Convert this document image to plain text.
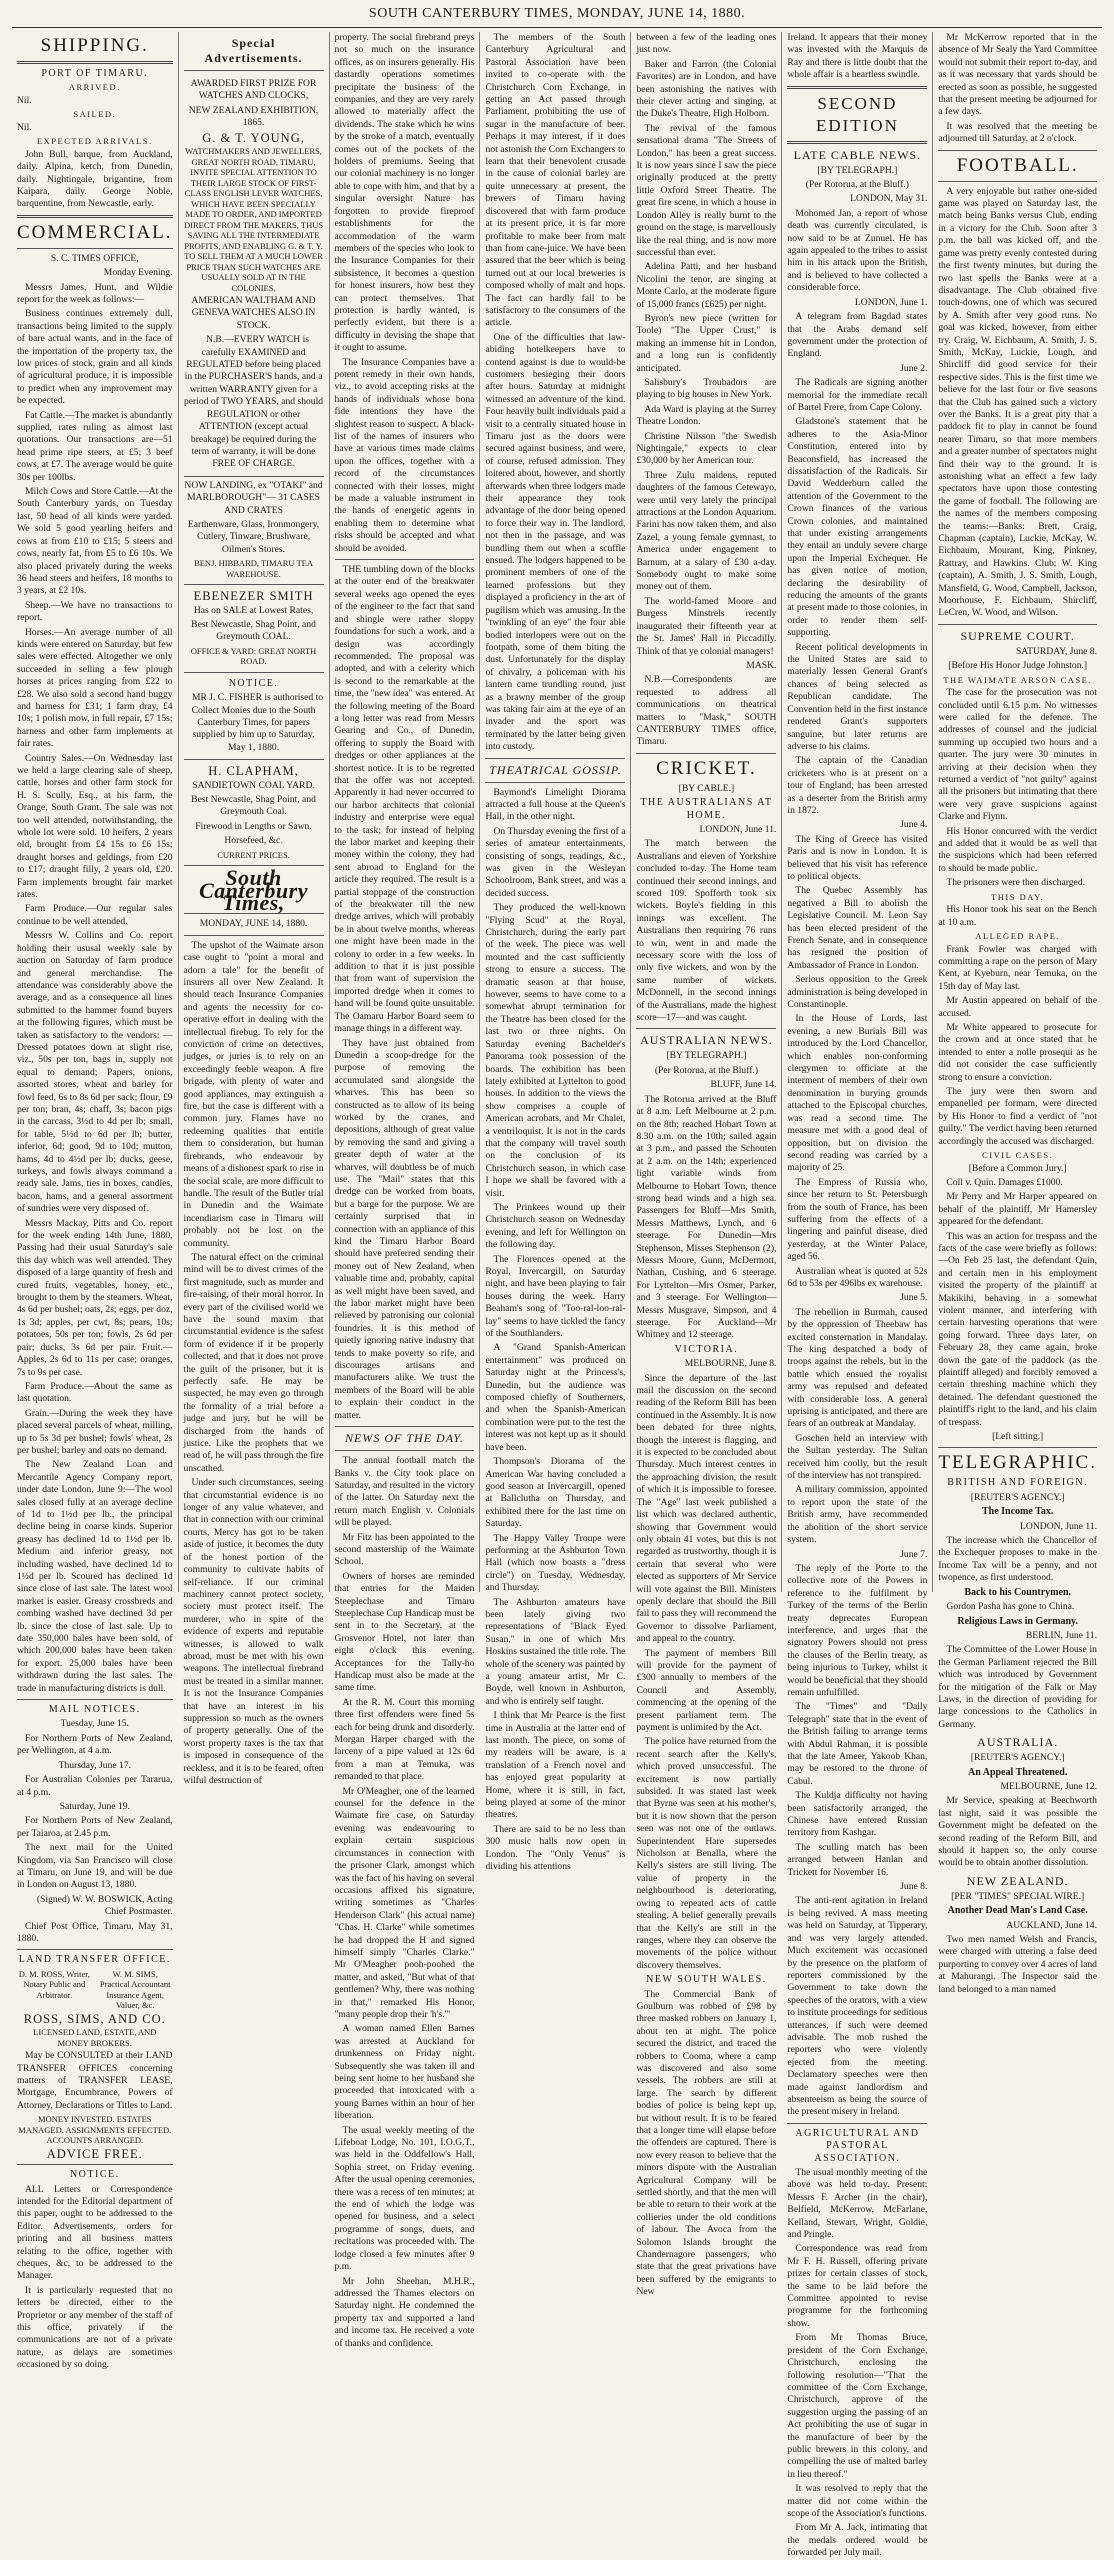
SOUTH CANTERBURY TIMES, MONDAY, JUNE 14, 1880.
SHIPPING.
PORT OF TIMARU.
ARRIVED.

Nil.

SAILED.

Nil.

EXPECTED ARRIVALS.

John Bull, barque, from Auckland, daily. Alpina, ketch, from Dunedin, daily. Nightingale, brigantine, from Kaipara, daily. George Noble, barquentine, from Newcastle, early.

COMMERCIAL.

S. C. TIMES OFFICE,

Monday Evening.

Messrs James, Hunt, and Wildie report for the week as follows:—

Business continues extremely dull, transactions being limited to the supply of bare actual wants, and in the face of the importation of the property tax, the low prices of stock, grain and all kinds of agricultural produce, it is impossible to predict when any improvement may be expected.

Fat Cattle.—The market is abundantly supplied, rates ruling as almost last quotations. Our transactions are—51 head prime ripe steers, at £5; 3 beef cows, at £7. The average would be quite 30s per 100lbs.

Milch Cows and Store Cattle.—At the South Canterbury yards, on Tuesday last, 50 head of all kinds were yarded. We sold 5 good yearling heifers and cows at from £10 to £15; 5 steers and cows, nearly fat, from £5 to £6 10s. We also placed privately during the weeks 36 head steers and heifers, 18 months to 3 years, at £2 10s.

Sheep.—We have no transactions to report.

Horses.—An average number of all kinds were entered on Saturday, but few sales were effected. Altogether we only succeeded in selling a few plough horses at prices ranging from £22 to £28. We also sold a second hand buggy and harness for £31; 1 farm dray, £4 10s; 1 polish mow, in full repair, £7 15s; harness and other farm implements at fair rates.

Country Sales.—On Wednesday last we held a large clearing sale of sheep, cattle, horses and other farm stock for H. S. Scully, Esq., at his farm, the Orange, South Grant. The sale was not too well attended, notwithstanding, the whole lot were sold. 10 heifers, 2 years old, brought from £4 15s to £6 15s; draught horses and geldings, from £20 to £17; draught filly, 2 years old, £20. Farm implements brought fair market rates.

Farm Produce.—Our regular sales continue to be well attended.

Messrs W. Collins and Co. report holding their ususal weekly sale by auction on Saturday of farm produce and general merchandise. The attendance was considerably above the average, and as a consequence all lines submitted to the hammer found buyers at the following figures, which must be taken as satisfactory to the vendors: —Dressed potatoes down at slight rise, viz., 50s per ton, bags in, supply not equal to demand; Papers, onions, assorted stores, wheat and barley for fowl feed, 6s to 8s 6d per sack; flour, £9 per ton; bran, 4s; chaff, 3s; bacon pigs in the carcass, 3½d to 4d per lb; small, for table, 5½d to 6d per lb; butter, inferior, 6d; good, 9d to 10d; mutton, hams, 4d to 4½d per lb; ducks, geese, turkeys, and fowls always command a ready sale. Jams, ties in boxes, candles, bacon, hams, and a general assortment of sundries were very disposed of.

Messrs Mackay, Pitts and Co. report for the week ending 14th June, 1880, Passing had their usual Saturday's sale this day which was well attended. They disposed of a large quantity of fresh and cured fruits, vegetables, honey, etc., brought to them by the steamers. Wheat, 4s 6d per bushel; oats, 2s; eggs, per doz, 1s 3d; apples, per cwt, 8s; pears, 10s; potatoes, 50s per ton; fowls, 2s 6d per pair; ducks, 3s 6d per pair. Fruit.—Apples, 2s 6d to 11s per case; oranges, 7s to 9s per case.

Farm Produce.—About the same as last quotation.

Grain.—During the week they have placed several parcels of wheat, milling, up to 5s 3d per bushel; fowls' wheat, 2s per bushel; barley and oats no demand.

The New Zealand Loan and Mercantile Agency Company report, under date London, June 9:—The wool sales closed fully at an average decline of 1d to 1½d per lb., the principal decline being in coarse kinds. Superior greasy has declined 1d to 1½d per lb. Medium and inferior greasy, not including washed, have declined 1d to 1½d per lb. Scoured has declined 1d since close of last sale. The latest wool market is easier. Greasy crossbreds and combing washed have declined 3d per lb. since the close of last sale. Up to date 350,000 bales have been sold, of which 200,000 bales have been taken for export. 25,000 bales have been withdrawn during the last sales. The trade in manufacturing districts is dull.

MAIL NOTICES.

Tuesday, June 15.

For Northern Ports of New Zealand, per Wellington, at 4 a.m.

Thursday, June 17.

For Australian Colonies per Tararua, at 4 p.m.

Saturday, June 19.

For Northern Ports of New Zealand, per Taiaroa, at 2.45 p.m.

The next mail for the United Kingdom, via San Francisco will close at Timaru, on June 19, and will be due in London on August 13, 1880.

(Signed) W. W. BOSWICK, Acting Chief Postmaster.

Chief Post Office, Timaru, May 31, 1880.

LAND TRANSFER OFFICE.
D. M. ROSS, Writer, Notary Public and Arbitrator.
W. M. SIMS, Practical Accountant Insurance Agent, Valuer, &c.
ROSS, SIMS, AND CO.

LICENSED LAND, ESTATE, AND MONEY BROKERS.

May be CONSULTED at their LAND TRANSFER OFFICES concerning matters of TRANSFER LEASE, Mortgage, Encumbrance, Powers of Attorney, Declarations or Titles to Land.

MONEY INVESTED. ESTATES MANAGED. ASSIGNMENTS EFFECTED. ACCOUNTS ARRANGED.

ADVICE FREE.
NOTICE.

ALL Letters or Correspondence intended for the Editorial department of this paper, ought to be addressed to the Editor. Advertisements, orders for printing and all business matters relating to the office, together with cheques, &c, to be addressed to the Manager.

It is particularly requested that no letters be directed, either to the Proprietor or any member of the staff of this office, privately if the communications are not of a private nature, as delays are sometimes occasioned by so doing.

Special Advertisements.

AWARDED FIRST PRIZE FOR WATCHES AND CLOCKS,

NEW ZEALAND EXHIBITION, 1865.

G. & T. YOUNG,

WATCHMAKERS AND JEWELLERS, GREAT NORTH ROAD, TIMARU, INVITE SPECIAL ATTENTION TO THEIR LARGE STOCK OF FIRST-CLASS ENGLISH LEVER WATCHES, WHICH HAVE BEEN SPECIALLY MADE TO ORDER, AND IMPORTED DIRECT FROM THE MAKERS, THUS SAVING ALL THE INTERMEDIATE PROFITS, AND ENABLING G. & T. Y. TO SELL THEM AT A MUCH LOWER PRICE THAN SUCH WATCHES ARE USUALLY SOLD AT IN THE COLONIES.

AMERICAN WALTHAM AND GENEVA WATCHES ALSO IN STOCK.

N.B.—EVERY WATCH is carefully EXAMINED and REGULATED before being placed in the PURCHASER'S hands, and a written WARRANTY given for a period of TWO YEARS, and should REGULATION or other ATTENTION (except actual breakage) be required during the term of warranty, it will be done FREE OF CHARGE.

NOW LANDING, ex "OTAKI" and MARLBOROUGH"— 31 CASES AND CRATES

Earthenware, Glass, Ironmongery, Cutlery, Tinware, Brushware, Oilmen's Stores.

BENJ. HIBBARD, TIMARU TEA WAREHOUSE.

EBENEZER SMITH

Has on SALE at Lowest Rates,

Best Newcastle, Shag Point, and Greymouth COAL.

OFFICE & YARD: GREAT NORTH ROAD.

NOTICE.

MR J. C. FISHER is authorised to Collect Monies due to the South Canterbury Times, for papers supplied by him up to Saturday, May 1, 1880.

H. CLAPHAM,

SANDIETOWN COAL YARD.

Best Newcastle, Shag Point, and Greymouth Coal.

Firewood in Lengths or Sawn.

Horsefeed, &c.

CURRENT PRICES.

South Canterbury Times,

MONDAY, JUNE 14, 1880.

The upshot of the Waimate arson case ought to "point a moral and adorn a tale" for the benefit of insurers all over New Zealand. It should teach Insurance Companies and agents the necessity for co-operative effort in dealing with the intellectual firebug. To rely for the conviction of crime on detectives, judges, or juries is to rely on an exceedingly feeble weapon. A fire brigade, with plenty of water and good appliances, may extinguish a fire, but the case is different with a common jury. Flames have no redeeming qualities that entitle them to consideration, but human firebrands, who endeavour by means of a dishonest spark to rise in the social scale, are more difficult to handle. The result of the Butler trial in Dunedin and the Waimate incendiarism case in Timaru will probably not be lost on the community.

The natural effect on the criminal mind will be to divest crimes of the first magnitude, such as murder and fire-raising, of their moral horror. In every part of the civilised world we have the sound maxim that circumstantial evidence is the safest form of evidence if it be properly collected, and that it does not prove the guilt of the prisoner, but it is perfectly safe. He may be suspected, he may even go through the formality of a trial before a judge and jury, but he will be discharged from the hands of justice. Like the prophets that we read of, he will pass through the fire unscathed.

Under such circumstances, seeing that circumstantial evidence is no longer of any value whatever, and that in connection with our criminal courts, Mercy has got to be taken aside of justice, it becomes the duty of the honest portion of the community to cultivate habits of self-reliance. If our criminal machinery cannot protect society, society must protect itself. The murderer, who in spite of the evidence of experts and reputable witnesses, is allowed to walk abroad, must be met with his own weapons. The intellectual firebrand must be treated in a similar manner. It is not the Insurance Companies that have an interest in his suppression so much as the owners of property generally. One of the worst property taxes is the tax that is imposed in consequence of the reckless, and it is to be feared, often wilful destruction of

property. The social firebrand preys not so much on the insurance offices, as on insurers generally. His dastardly operations sometimes precipitate the business of the companies, and they are very rarely allowed to materially affect the dividends. The stake which he wins by the stroke of a match, eventually comes out of the pockets of the holders of premiums. Seeing that our colonial machinery is no longer able to cope with him, and that by a singular oversight Nature has forgotten to provide fireproof establishments for the accommodation of the warm members of the species who look to the Insurance Companies for their subsistence, it becomes a question for honest insurers, how best they can protect themselves. That protection is hardly wanted, is perfectly evident, but there is a difficulty in devising the shape that it ought to assume.

The Insurance Companies have a potent remedy in their own hands, viz., to avoid accepting risks at the hands of individuals whose bona fide intentions they have the slightest reason to suspect. A black-list of the names of insurers who have at various times made claims upon the offices, together with a record of the circumstances connected with their losses, might be made a valuable instrument in the hands of energetic agents in enabling them to determine what risks should be accepted and what should be avoided.

THE tumbling down of the blocks at the outer end of the breakwater several weeks ago opened the eyes of the engineer to the fact that sand and shingle were rather sloppy foundations for such a work, and a design was accordingly recommended. The proposal was adopted, and with a celerity which is second to the remarkable at the time, the "new idea" was entered. At the following meeting of the Board a long letter was read from Messrs Gearing and Co., of Dunedin, offering to supply the Board with dredges or other appliances at the shortest notice. It is to be regretted that the offer was not accepted. Apparently it had never occurred to our harbor architects that colonial industry and enterprise were equal to the task; for instead of helping the labor market and keeping their money within the colony, they had sent abroad to England for the article they required. The result is a partial stoppage of the construction of the breakwater till the new dredge arrives, which will probably be in about twelve months, whereas one might have been made in the colony to order in a few weeks. In addition to that it is just possible that from want of supervision the imported dredge when it comes to hand will be found quite unsuitable. The Oamaru Harbor Board seem to manage things in a different way.

They have just obtained from Dunedin a scoop-dredge for the purpose of removing the accumulated sand alongside the wharves. This has been so constructed as to allow of its being worked by the cranes, and depositions, although of great value by removing the sand and giving a greater depth of water at the wharves, will doubtless be of much use. The "Mail" states that this dredge can be worked from boats, but a barge for the purpose. We are certainly surprised that in connection with an appliance of this kind the Timaru Harbor Board should have preferred sending their money out of New Zealand, when valuable time and, probably, capital as well might have been saved, and the labor market might have been relieved by patronising our colonial foundries. It is this method of quietly ignoring native industry that tends to make poverty so rife, and discourages artisans and manufacturers alike. We trust the members of the Board will be able to explain their conduct in the matter.

NEWS OF THE DAY.

The annual football match the Banks v. the City took place on Saturday, and resulted in the victory of the latter. On Saturday next the return match English v. Colonials will be played.

Mr Fitz has been appointed to the second mastership of the Waimate School.

Owners of horses are reminded that entries for the Maiden Steeplechase and Timaru Steeplechase Cup Handicap must be sent in to the Secretary, at the Grosvenor Hotel, not later than eight o'clock this evening. Acceptances for the Tally-ho Handicap must also be made at the same time.

At the R. M. Court this morning three first offenders were fined 5s each for being drunk and disorderly. Morgan Harper charged with the larceny of a pipe valued at 12s 6d from a man at Temuka, was remanded to that place.

Mr O'Meagher, one of the learned counsel for the defence in the Waimate fire case, on Saturday evening was endeavouring to explain certain suspicious circumstances in connection with the prisoner Clark, amongst which was the fact of his having on several occasions affixed his signature, writing sometimes as "Charles Henderson Clark" (his actual name) "Chas. H. Clarke" while sometimes he had dropped the H and signed himself simply "Charles Clarke." Mr O'Meagher pooh-poohed the matter, and asked, "But what of that gentlemen? Why, there was nothing in that," remarked His Honor, "many people drop their 'h's.'"

A woman named Ellen Barnes was arrested at Auckland for drunkenness on Friday night. Subsequently she was taken ill and being sent home to her husband she proceeded that intoxicated with a young Barnes within an hour of her liberation.

The usual weekly meeting of the Lifeboat Lodge, No. 101, I.O.G.T., was held in the Oddfellow's Hall, Sophia street, on Friday evening. After the usual opening ceremonies, there was a recess of ten minutes; at the end of which the lodge was opened for business, and a select programme of songs, duets, and recitations was proceeded with. The lodge closed a few minutes after 9 p.m.

Mr John Sheehan, M.H.R., addressed the Thames electors on Saturday night. He condemned the property tax and supported a land and income tax. He received a vote of thanks and confidence.

The members of the South Canterbury Agricultural and Pastoral Association have been invited to co-operate with the Christchurch Corn Exchange, in getting an Act passed through Parliament, prohibiting the use of sugar in the manufacture of beer. Perhaps it may interest, if it does not astonish the Corn Exchangers to learn that their benevolent crusade in the cause of colonial barley are quite unnecessary at present, the brewers of Timaru having discovered that with farm produce at its present price, it is far more profitable to make beer from malt than from cane-juice. We have been assured that the beer which is being turned out at our local breweries is composed wholly of malt and hops. The fact can hardly fail to be satisfactory to the consumers of the article.

One of the difficulties that law-abiding hotelkeepers have to contend against is due to would-be customers besieging their doors after hours. Saturday at midnight witnessed an adventure of the kind. Four heavily built individuals paid a visit to a centrally situated house in Timaru just as the doors were secured against business, and were, of course, refused admission. They loitered about, however, and shortly afterwards when three lodgers made their appearance they took advantage of the door being opened to force their way in. The landlord, not then in the passage, and was bundling them out when a scuffle ensued. The lodgers happened to be prominent members of one of the learned professions but they displayed a proficiency in the art of pugilism which was amusing. In the "twinkling of an eye" the four able bodied interlopers were out on the footpath, some of them biting the dust. Unfortunately for the display of chivalry, a policeman with his lantern came trundling round, just as a brawny member of the group was taking fair aim at the eye of an invader and the sport was terminated by the latter being given into custody.

THEATRICAL GOSSIP.

Baymond's Limelight Diorama attracted a full house at the Queen's Hall, in the other night.

On Thursday evening the first of a series of amateur entertainments, consisting of songs, readings, &c., was given in the Wesleyan Schoolroom, Bank street, and was a decided success.

They produced the well-known "Flying Scud" at the Royal, Christchurch, during the early part of the week. The piece was well mounted and the cast sufficiently strong to ensure a success. The dramatic season at that house, however, seems to have come to a somewhat abrupt termination for the Theatre has been closed for the last two or three nights. On Saturday evening Bachelder's Panorama took possession of the boards. The exhibition has been lately exhibited at Lyttelton to good houses. In addition to the views the show comprises a couple of American acrobats, and Mr Chalet, a ventriloquist. It is not in the cards that the company will travel south on the conclusion of its Christchurch season, in which case I hope we shall be favored with a visit.

The Prinkees wound up their Christchurch season on Wednesday evening, and left for Wellington on the following day.

The Florences opened at the Royal, Invercargill, on Saturday night, and have been playing to fair houses during the week. Harry Beaham's song of "Too-ral-loo-ral-lay" seems to have tickled the fancy of the Southlanders.

A "Grand Spanish-American entertainment" was produced on Saturday night at the Princess's, Dunedin, but the audience was composed chiefly of Southerners, and when the Spanish-American combination were put to the test the interest was not kept up as it should have been.

Thompson's Diorama of the American War having concluded a good season at Invercargill, opened at Ballclutha on Thursday, and exhibited there for the last time on Saturday.

The Happy Valley Troupe were performing at the Ashburton Town Hall (which now boasts a "dress circle") on Tuesday, Wednesday, and Thursday.

The Ashburton amateurs have been lately giving two representations of "Black Eyed Susan," in one of which Mrs Hoskins sustained the title role. The whole of the scenery was painted by a young amateur artist, Mr C. Boyde, well known in Ashburton, and who is entirely self taught.

I think that Mr Pearce is the first time in Australia at the latter end of last month. The piece, on some of my readers will be aware, is a translation of a French novel and has enjoyed great popularity at Home, where it is still, in fact, being played at some of the minor theatres.

There are said to be no less than 300 music halls now open in London. The "Only Venus" is dividing his attentions

between a few of the leading ones just now.

Baker and Farron (the Colonial Favorites) are in London, and have been astonishing the natives with their clever acting and singing, at the Duke's Theatre, High Holborn.

The revival of the famous sensational drama "The Streets of London," has been a great success. It is now years since I saw the piece originally produced at the pretty little Oxford Street Theatre. The great fire scene, in which a house in London Alley is really burnt to the ground on the stage, is marvellously like the real thing, and is now more successful than ever.

Adelina Patti, and her husband Nicolini the tenor, are singing at Monte Carlo, at the moderate figure of 15,000 francs (£625) per night.

Byron's new piece (written for Toole) "The Upper Crust," is making an immense hit in London, and a long run is confidently anticipated.

Salisbury's Troubadors are playing to big houses in New York.

Ada Ward is playing at the Surrey Theatre London.

Christine Nilsson "the Swedish Nightingale," expects to clear £30,000 by her American tour.

Three Zulu maidens, reputed daughters of the famous Cetewayo, were until very lately the principal attractions at the London Aquarium. Farini has now taken them, and also Zazel, a young female gymnast, to America under engagement to Barnum, at a salary of £30 a-day. Somebody ought to make some money out of them.

The world-famed Moore and Burgess Minstrels recently inaugurated their fifteenth year at the St. James' Hall in Piccadilly. Think of that ye colonial managers!

MASK.

N.B.—Correspondents are requested to address all communications on theatrical matters to "Mask," SOUTH CANTERBURY TIMES office, Timaru.

CRICKET.

[BY CABLE.]

THE AUSTRALIANS AT HOME.

LONDON, June 11.

The match between the Australians and eleven of Yorkshire concluded to-day. The Home team continued their second innings, and scored 109. Spofforth took six wickets. Boyle's fielding in this innings was excellent. The Australians then requiring 76 runs to win, went in and made the necessary score with the loss of only five wickets, and won by the same number of wickets. McDonnell, in the second innings of the Australians, made the highest score—17—and was caught.

AUSTRALIAN NEWS.

[BY TELEGRAPH.]

(Per Rotorua, at the Bluff.)

BLUFF, June 14.

The Rotorua arrived at the Bluff at 8 a.m. Left Melbourne at 2 p.m. on the 8th; reached Hobart Town at 8.30 a.m. on the 10th; sailed again at 3 p.m., and passed the Schouten at 2 a.m. on the 14th; experienced light variable winds from Melbourne to Hobart Town, thence strong head winds and a high sea. Passengers for Bluff—Mrs Smith, Messrs Matthews, Lynch, and 6 steerage. For Dunedin—Mrs Stephenson, Misses Stephenson (2), Messrs Moore, Gunn, McDermott, Nathan, Cushing, and 6 steerage. For Lyttelton—Mrs Osmer, Parker, and 3 steerage. For Wellington—Messrs Musgrave, Simpson, and 4 steerage. For Auckland—Mr Whitney and 12 steerage.

VICTORIA.

MELBOURNE, June 8.

Since the departure of the last mail the discussion on the second reading of the Reform Bill has been continued in the Assembly. It is now been debated for three nights, though the interest is flagging, and it is expected to be concluded about Thursday. Much interest centres in the approaching division, the result of which it is impossible to foresee. The "Age" last week published a list which was declared authentic, showing that Government would only obtain 41 votes, but this is not regarded as trustworthy, though it is certain that several who were elected as supporters of Mr Service will vote against the Bill. Ministers openly declare that should the Bill fail to pass they will recommend the Governor to dissolve Parliament, and appeal to the country.

The payment of members Bill will provide for the payment of £300 annually to members of the Council and Assembly, commencing at the opening of the present parliament term. The payment is unlimited by the Act.

The police have returned from the recent search after the Kelly's, which proved unsuccessful. The excitement is now partially subsided. It was stated last week that Byrne was seen at his mother's, but it is now shown that the person seen was not one of the outlaws. Superintendent Hare supersedes Nicholson at Benalla, where the Kelly's sisters are still living. The value of property in the neighbourhood is deteriorating, owing to repeated acts of cattle stealing. A belief generally prevails that the Kelly's are still in the ranges, where they can observe the movements of the police without discovery themselves.

NEW SOUTH WALES.

The Commercial Bank of Goulburn was robbed of £98 by three masked robbers on January 1, about ten at night. The police secured the district, and traced the robbers to Cooma, where a camp was discovered and also some vessels. The robbers are still at large. The search by different bodies of police is being kept up, but without result. It is to be feared that a longer time will elapse before the offenders are captured. There is now every reason to believe that the minors dispute with the Australian Agricultural Company will be settled shortly, and that the men will be able to return to their work at the collieries under the old conditions of labour. The Avoca from the Solomon Islands brought the Chandernagore passengers, who state that the great privations have been suffered by the emigrants to New

Ireland. It appears that their money was invested with the Marquis de Ray and there is little doubt that the whole affair is a heartless swindle.

SECOND EDITION
LATE CABLE NEWS.

[BY TELEGRAPH.]

(Per Rotorua, at the Bluff.)

LONDON, May 31.

Mohomed Jan, a report of whose death was currently circulated, is now said to be at Zunuel. He has again appealed to the tribes to assist him in his attack upon the British, and is believed to have collected a considerable force.

LONDON, June 1.

A telegram from Bagdad states that the Arabs demand self government under the protection of England.

June 2.

The Radicals are signing another memorial for the immediate recall of Bartel Frere, from Cape Colony.

Gladstone's statement that he adheres to the Asia-Minor Constitution, entered into by Beaconsfield, has increased the dissatisfaction of the Radicals. Sir David Wedderburn called the attention of the Government to the Crown finances of the various Crown colonies, and maintained that under existing arrangements they entail an unduly severe charge upon the Imperial Exchequer. He has given notice of motion, declaring the desirability of reducing the amounts of the grants at present made to those colonies, in order to render them self-supporting.

Recent political developments in the United States are said to materially lessen General Grant's chances of being selected as Republican candidate. The Convention held in the first instance rendered Grant's supporters sanguine, but later returns are adverse to his claims.

The captain of the Canadian cricketers who is at present on a tour of England, has been arrested as a deserter from the British army in 1872.

June 4.

The King of Greece has visited Paris and is now in London. It is believed that his visit has reference to political objects.

The Quebec Assembly has negatived a Bill to abolish the Legislative Council. M. Leon Say has been elected president of the French Senate, and in consequence has resigned the position of Ambassador of France in London.

Serious opposition to the Greek administration is being developed in Constantinople.

In the House of Lords, last evening, a new Burials Bill was introduced by the Lord Chancellor, which enables non-conforming clergymen to officiate at the interment of members of their own denomination in burying grounds attached to the Episcopal churches, was read a second time. The measure met with a good deal of opposition, but on division the second reading was carried by a majority of 25.

The Empress of Russia who, since her return to St. Petersburgh from the south of France, has been suffering from the effects of a lingering and painful disease, died yesterday, at the Winter Palace, aged 56.

Australian wheat is quoted at 52s 6d to 53s per 496lbs ex warehouse.

June 5.

The rebellion in Burmah, caused by the oppression of Theebaw has excited consternation in Mandalay. The king despatched a body of troops against the rebels, but in the battle which ensued the royalist army was repulsed and defeated with considerable loss. A general uprising is anticipated, and there are fears of an outbreak at Mandalay.

Goschen held an interview with the Sultan yesterday. The Sultan received him coolly, but the result of the interview has not transpired.

A military commission, appointed to report upon the state of the British army, have recommended the abolition of the short service system.

June 7.

The reply of the Porte to the collective note of the Powers in reference to the fulfilment by Turkey of the terms of the Berlin treaty deprecates European interference, and urges that the signatory Powers should not press the clauses of the Berlin treaty, as being injurious to Turkey, whilst it would be beneficial that they should remain unfulfilled.

The "Times" and "Daily Telegraph" state that in the event of the British failing to arrange terms with Abdul Rahman, it is possible that the late Ameer, Yakoob Khan, may be restored to the throne of Cabul.

The Kuldja difficulty not having been satisfactorily arranged, the Chinese have entered Russian territory from Kashgar.

The sculling match has been arranged between Hanlan and Trickett for November 16.

June 8.

The anti-rent agitation in Ireland is being revived. A mass meeting was held on Saturday, at Tipperary, and was very largely attended. Much excitement was occasioned by the presence on the platform of reporters commissioned by the Government to take down the speeches of the orators, with a view to institute proceedings for seditious utterances, if such were deemed advisable. The mob rushed the reporters who were violently ejected from the meeting. Declamatory speeches were then made against landlordism and absenteeism as being the source of the present misery in Ireland.

AGRICULTURAL AND PASTORAL ASSOCIATION.

The usual monthly meeting of the above was held to-day. Present: Messrs F. Archer (in the chair), Belfield, McKerrow, McFarlane, Kelland, Stewart, Wright, Goldie, and Pringle.

Correspondence was read from Mr F. H. Russell, offering private prizes for certain classes of stock, the same to be laid before the Committee appointed to revise programme for the forthcoming show.

From Mr Thomas Bruce, president of the Corn Exchange, Christchurch, enclosing the following resolution—"That the committee of the Corn Exchange, Christchurch, approve of the suggestion urging the passing of an Act prohibiting the use of sugar in the manufacture of beer by the public brewers in this colony, and compelling the use of malted barley in lieu thereof."

It was resolved to reply that the matter did not come within the scope of the Association's functions.

From Mr A. Jack, intimating that the medals ordered would be forwarded per July mail.

Mr McKerrow reported that in the absence of Mr Sealy the Yard Committee would not submit their report to-day, and as it was necessary that yards should be erected as soon as possible, he suggested that the present meeting be adjourned for a few days.

It was resolved that the meeting be adjourned till Saturday, at 2 o'clock.

FOOTBALL.

A very enjoyable but rather one-sided game was played on Saturday last, the match being Banks versus Club, ending in a victory for the Club. Soon after 3 p.m. the ball was kicked off, and the game was pretty evenly contested during the first twenty minutes, but during the two last spells the Banks were at a disadvantage. The Club obtained five touch-downs, one of which was secured by A. Smith after very good runs. No goal was kicked, however, from either try. Craig, W. Eichbaum, A. Smith, J. S. Smith, McKay, Luckie, Lough, and Shircliff did good service for their respective sides. This is the first time we believe for the last four or five seasons that the Club has gained such a victory over the Banks. It is a great pity that a paddock fit to play in cannot be found nearer Timaru, so that more members and a greater number of spectators might find their way to the ground. It is astonishing what an effect a few lady spectators have upon those contesting the game of football. The following are the names of the members composing the teams:—Banks: Brett, Craig, Chapman (captain), Luckie, McKay, W. Eichbaum, Mourant, King, Pinkney, Rattray, and Hawkins. Club: W. King (captain), A. Smith, J. S. Smith, Lough, Mansfield, G. Wood, Campbell, Jackson, Moorhouse, F. Eichbaum, Shircliff, LeCren, W. Wood, and Wilson.

SUPREME COURT.

SATURDAY, June 8.

[Before His Honor Judge Johnston.]

THE WAIMATE ARSON CASE.

The case for the prosecution was not concluded until 6.15 p.m. No witnesses were called for the defence. The addresses of counsel and the judicial summing up occupied two hours and a quarter. The jury were 30 minutes in arriving at their decision when they returned a verdict of "not guilty" against all the prisoners but intimating that there were very grave suspicions against Clarke and Flynn.

His Honor concurred with the verdict and added that it would be as well that the suspicions which had been referred to should be made public.

The prisoners were then discharged.

THIS DAY.

His Honor took his seat on the Bench at 10 a.m.

ALLEGED RAPE.

Frank Fowler was charged with committing a rape on the person of Mary Kent, at Kyeburn, near Temuka, on the 15th day of May last.

Mr Austin appeared on behalf of the accused.

Mr White appeared to prosecute for the crown and at once stated that he intended to enter a nolle prosequi as he did not consider the case sufficiently strong to ensure a conviction.

The jury were then sworn and empanelled per formam, were directed by His Honor to find a verdict of "not guilty." The verdict having been returned accordingly the accused was discharged.

CIVIL CASES.

[Before a Common Jury.]

Coll v. Quin. Damages £1000.

Mr Perry and Mr Harper appeared on behalf of the plaintiff, Mr Hamersley appeared for the defendant.

This was an action for trespass and the facts of the case were briefly as follows:—On Feb 25 last, the defendant Quin, and certain men in his employment visited the property of the plaintiff at Makikihi, behaving in a somewhat violent manner, and interfering with certain harvesting operations that were going forward. Three days later, on February 28, they came again, broke down the gate of the paddock (as the plaintiff alleged) and forcibly removed a certain threshing machine which they detained. The defendant questioned the plaintiff's right to the land, and his claim of trespass.

[Left sitting.]

TELEGRAPHIC.
BRITISH AND FOREIGN.

[REUTER'S AGENCY.]

The Income Tax.

LONDON, June 11.

The increase which the Chancellor of the Exchequer proposes to make in the Income Tax will be a penny, and not twopence, as first understood.

Back to his Countrymen.

Gordon Pasha has gone to China.

Religious Laws in Germany.

BERLIN, June 11.

The Committee of the Lower House in the German Parliament rejected the Bill which was introduced by Government for the mitigation of the Falk or May Laws, in the direction of providing for large concessions to the Catholics in Germany.

AUSTRALIA.

[REUTER'S AGENCY.]

An Appeal Threatened.

MELBOURNE, June 12.

Mr Service, speaking at Beechworth last night, said it was possible the Government might be defeated on the second reading of the Reform Bill, and should it happen so, the only course would be to obtain another dissolution.

NEW ZEALAND.

[PER "TIMES" SPECIAL WIRE.]

Another Dead Man's Land Case.

AUCKLAND, June 14.

Two men named Welsh and Francis, were charged with uttering a false deed purporting to convey over 4 acres of land at Mahurangi. The Inspector said the land belonged to a man named
